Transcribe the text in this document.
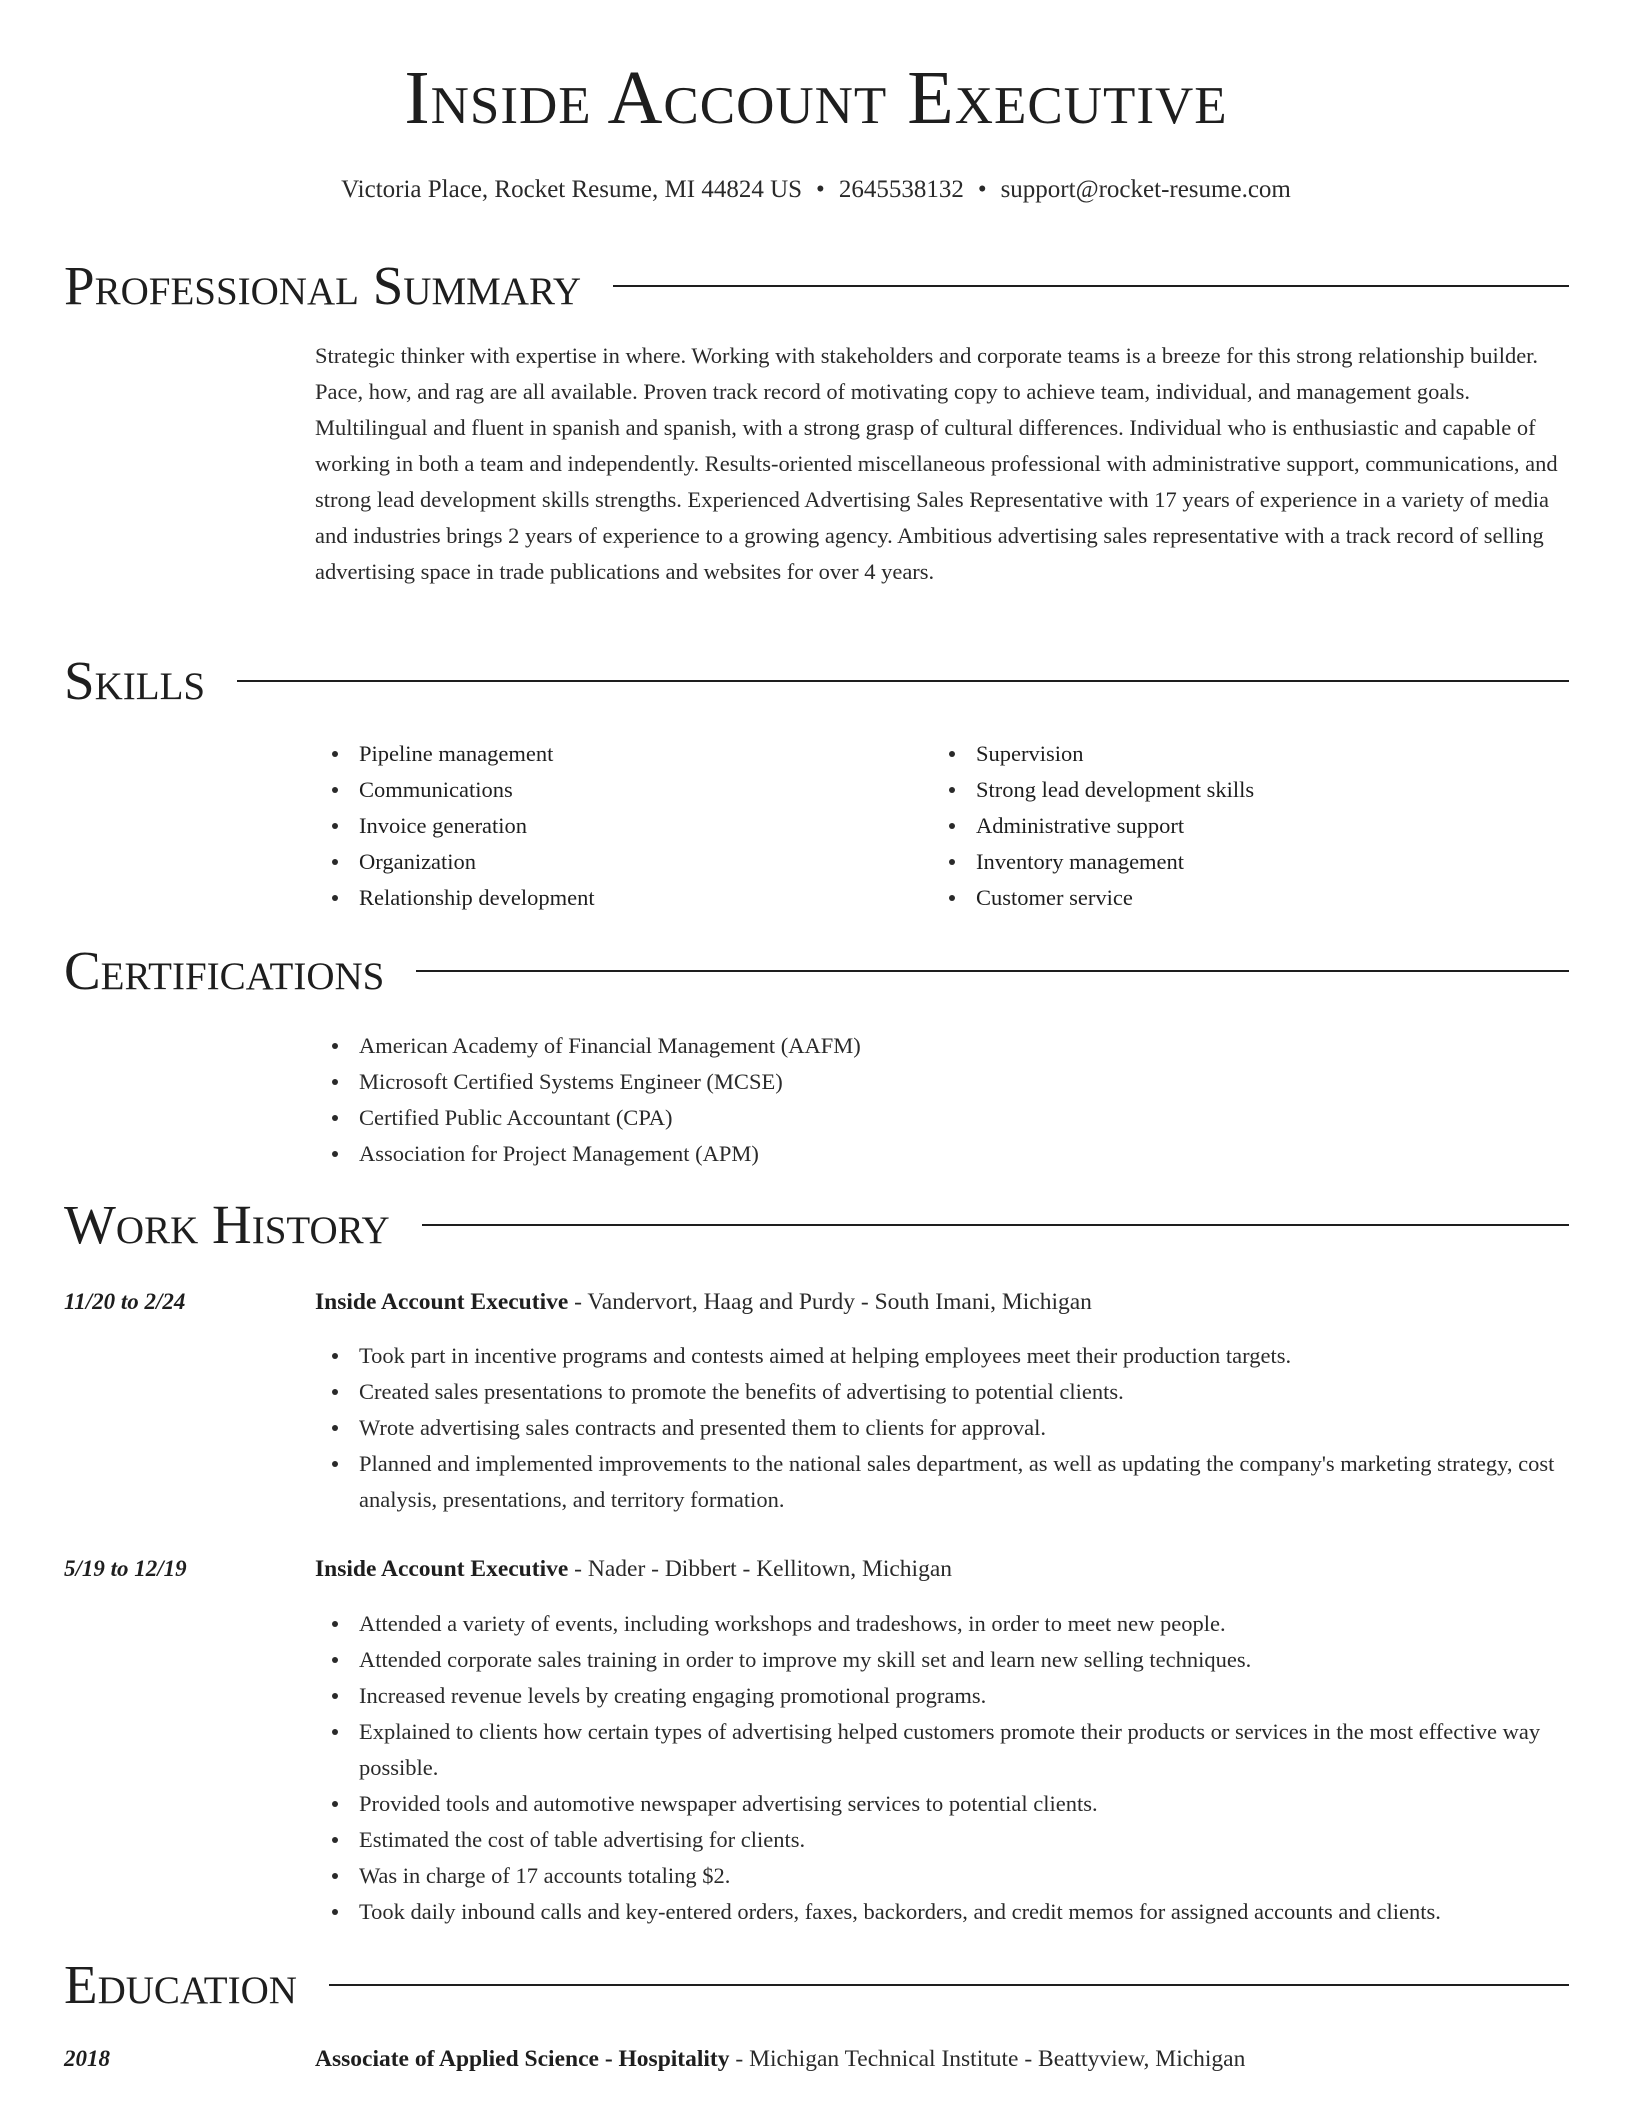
Inside Account Executive
Victoria Place, Rocket Resume, MI 44824 US • 2645538132 • support@rocket-resume.com
Professional Summary
Strategic thinker with expertise in where. Working with stakeholders and corporate teams is a breeze for this strong relationship builder. Pace, how, and rag are all available. Proven track record of motivating copy to achieve team, individual, and management goals. Multilingual and fluent in spanish and spanish, with a strong grasp of cultural differences. Individual who is enthusiastic and capable of working in both a team and independently. Results-oriented miscellaneous professional with administrative support, communications, and strong lead development skills strengths. Experienced Advertising Sales Representative with 17 years of experience in a variety of media and industries brings 2 years of experience to a growing agency. Ambitious advertising sales representative with a track record of selling advertising space in trade publications and websites for over 4 years.
Skills
Pipeline management
Communications
Invoice generation
Organization
Relationship development
Supervision
Strong lead development skills
Administrative support
Inventory management
Customer service
Certifications
American Academy of Financial Management (AAFM)
Microsoft Certified Systems Engineer (MCSE)
Certified Public Accountant (CPA)
Association for Project Management (APM)
Work History
11/20 to 2/24	Inside Account Executive - Vandervort, Haag and Purdy - South Imani, Michigan
Took part in incentive programs and contests aimed at helping employees meet their production targets.
Created sales presentations to promote the benefits of advertising to potential clients.
Wrote advertising sales contracts and presented them to clients for approval.
Planned and implemented improvements to the national sales department, as well as updating the company's marketing strategy, cost analysis, presentations, and territory formation.
5/19 to 12/19	Inside Account Executive - Nader - Dibbert - Kellitown, Michigan
Attended a variety of events, including workshops and tradeshows, in order to meet new people.
Attended corporate sales training in order to improve my skill set and learn new selling techniques.
Increased revenue levels by creating engaging promotional programs.
Explained to clients how certain types of advertising helped customers promote their products or services in the most effective way possible.
Provided tools and automotive newspaper advertising services to potential clients.
Estimated the cost of table advertising for clients.
Was in charge of 17 accounts totaling $2.
Took daily inbound calls and key-entered orders, faxes, backorders, and credit memos for assigned accounts and clients.
Education
2018	Associate of Applied Science - Hospitality - Michigan Technical Institute - Beattyview, Michigan
